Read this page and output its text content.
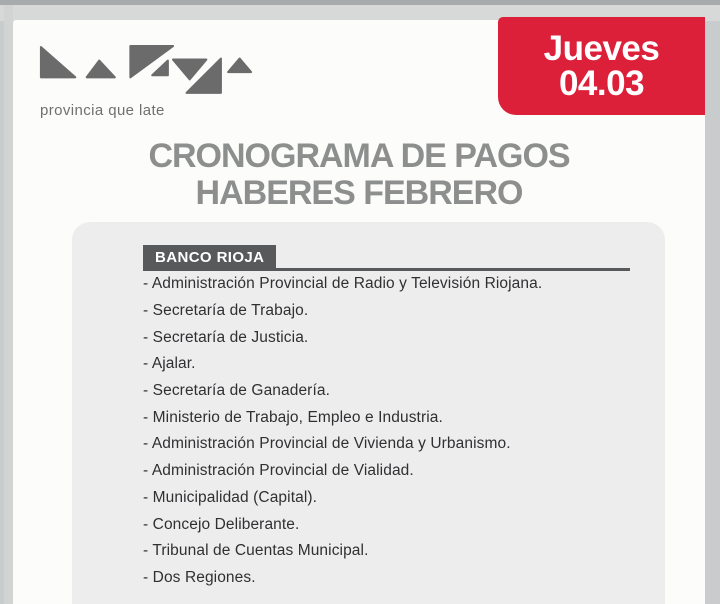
provincia que late
CRONOGRAMA DE PAGOS
HABERES FEBRERO
BANCO RIOJA
- Administración Provincial de Radio y Televisión Riojana.
- Secretaría de Trabajo.
- Secretaría de Justicia.
- Ajalar.
- Secretaría de Ganadería.
- Ministerio de Trabajo, Empleo e Industria.
- Administración Provincial de Vivienda y Urbanismo.
- Administración Provincial de Vialidad.
- Municipalidad (Capital).
- Concejo Deliberante.
- Tribunal de Cuentas Municipal.
- Dos Regiones.
Jueves
04.03
